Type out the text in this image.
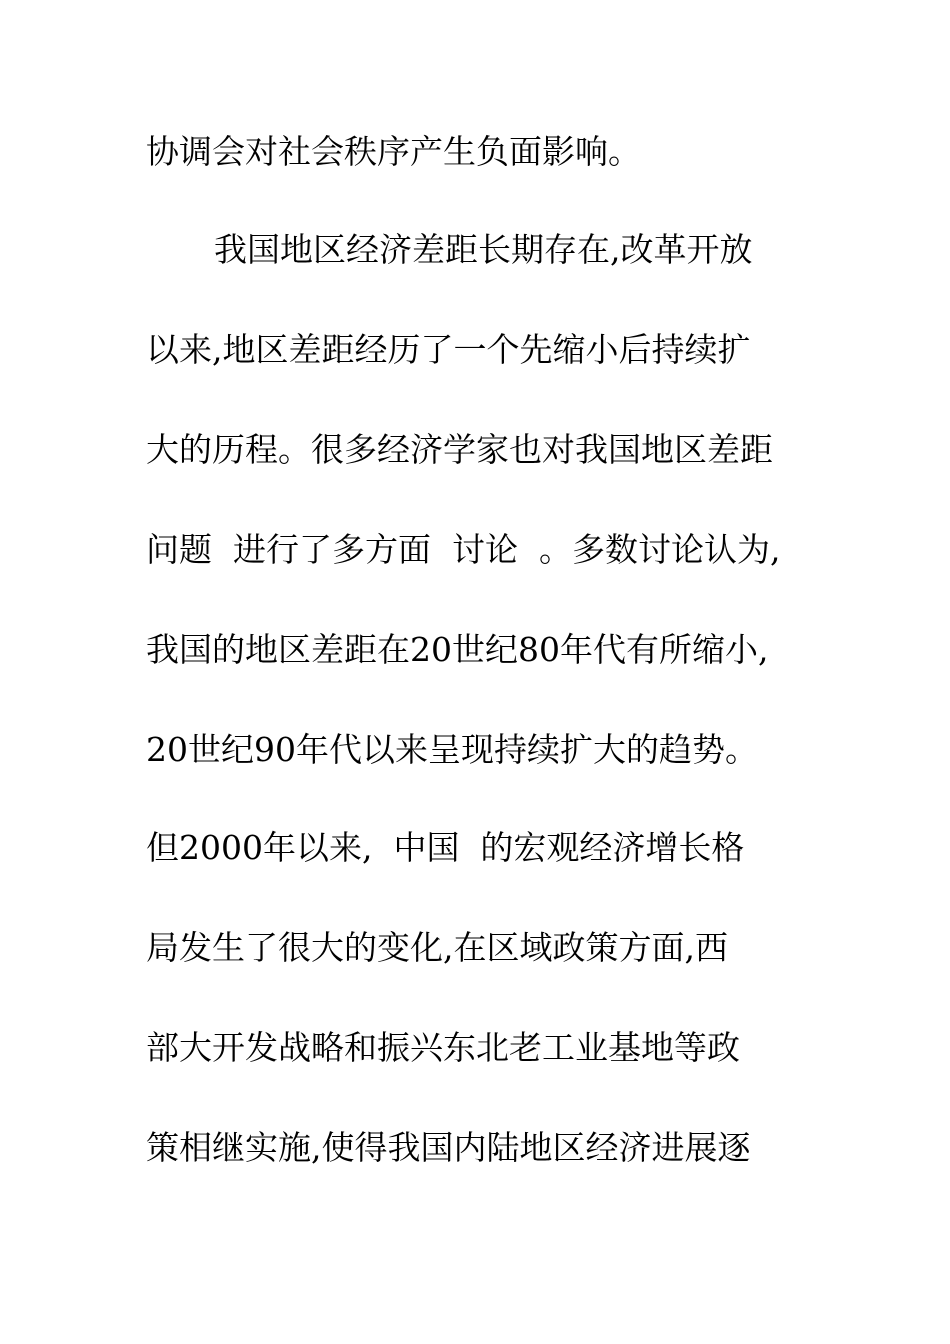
协调会对社会秩序产生负面影响。
我国地区经济差距长期存在,改革开放
以来,地区差距经历了一个先缩小后持续扩
大的历程。很多经济学家也对我国地区差距
问题  进行了多方面  讨论  。多数讨论认为,
我国的地区差距在20世纪80年代有所缩小,
20世纪90年代以来呈现持续扩大的趋势。
但2000年以来,  中国  的宏观经济增长格
局发生了很大的变化,在区域政策方面,西
部大开发战略和振兴东北老工业基地等政
策相继实施,使得我国内陆地区经济进展逐
